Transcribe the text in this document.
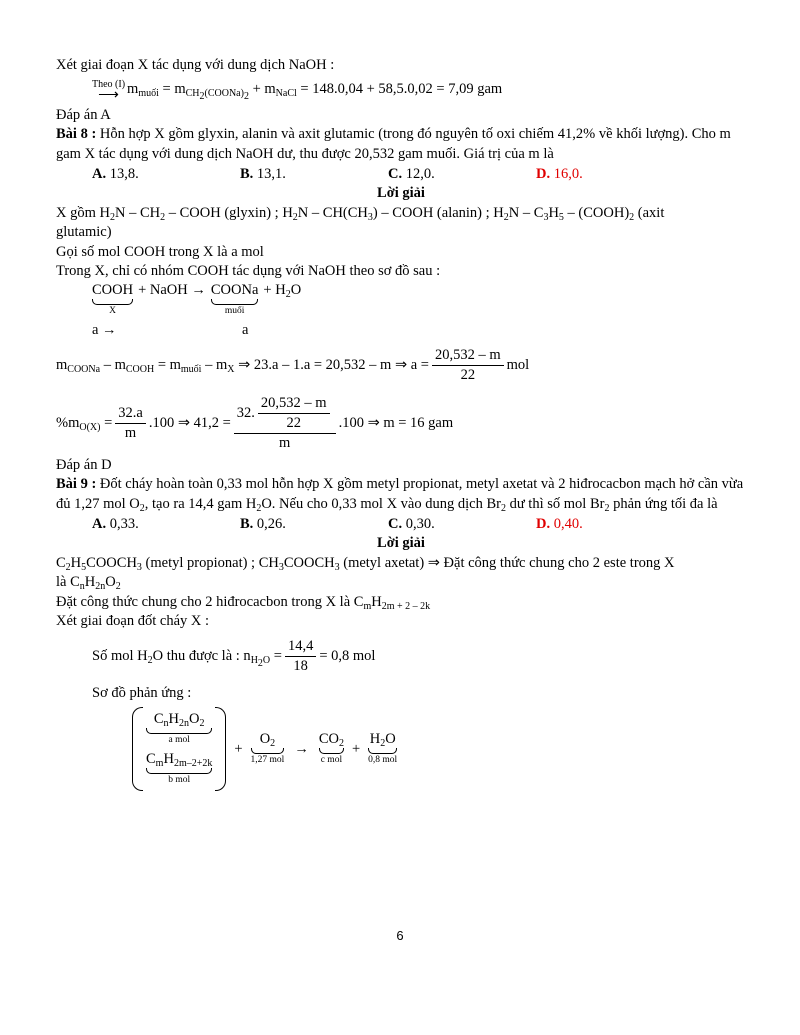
Xét giai đoạn X tác dụng với dung dịch NaOH :

Theo (I)
⟶ $m_{muối} = m_{CH_2(COONa)_2} + m_{NaCl} = 148.0,04 + 58,5.0,02 = 7,09$ gam

Đáp án A

Bài 8 : Hỗn hợp X gồm glyxin, alanin và axit glutamic (trong đó nguyên tố oxi chiếm 41,2% về khối lượng). Cho m gam X tác dụng với dung dịch NaOH dư, thu được 20,532 gam muối. Giá trị của m là

A. 13,8.	B. 13,1.	C. 12,0.	D. 16,0.

Lời giải

X gồm $H_2N - CH_2$ – COOH (glyxin) ; $H_2N - CH(CH_3)$ – COOH (alanin) ; $H_2N - C_3H_5$ – $(COOH)_2$ (axit

glutamic)

Gọi số mol COOH trong X là a mol

Trong X, chỉ có nhóm COOH tác dụng với NaOH theo sơ đồ sau :

COOH
X
+ NaOH → COONa
muối
+ $H_2O$
a →	a
$m_{COONa} - m_{COOH} = m_{muối} - m_X$ ⇒ 23.a – 1.a = 20,532 – m ⇒ $a = \frac{20,532 - m}{22}$ mol
$\%m_{O(X)} = \frac{32.a}{m} .100$ ⇒ $41,2 = \frac{32. \frac{20,532 - m}{22}}{m} .100$ ⇒ m = 16 gam

Đáp án D

Bài 9 : Đốt cháy hoàn toàn 0,33 mol hỗn hợp X gồm metyl propionat, metyl axetat và 2 hiđrocacbon mạch hở cần vừa đủ 1,27 mol $O_2$, tạo ra 14,4 gam $H_2O$. Nếu cho 0,33 mol X vào dung dịch $Br_2$ dư thì số mol $Br_2$ phản ứng tối đa là

A. 0,33.	B. 0,26.	C. 0,30.	D. 0,40.

Lời giải

$C_2H_5COOCH_3$ (metyl propionat) ; $CH_3COOCH_3$ (metyl axetat) ⇒ Đặt công thức chung cho 2 este trong X

là $C_nH_{2n}O_2$

Đặt công thức chung cho 2 hiđrocacbon trong X là $C_mH_{2m + 2 - 2k}$

Xét giai đoạn đốt cháy X :

Số mol $H_2O$ thu được là : $n_{H_2O} = \frac{14,4}{18} = 0,8$ mol

Sơ đồ phản ứng :

$C_nH_{2n}O_2$
a mol
$C_mH_{2m-2+2k}$
b mol
+
$O_2$
1,27 mol
→
$CO_2$
c mol
+
$H_2O$
0,8 mol
6
